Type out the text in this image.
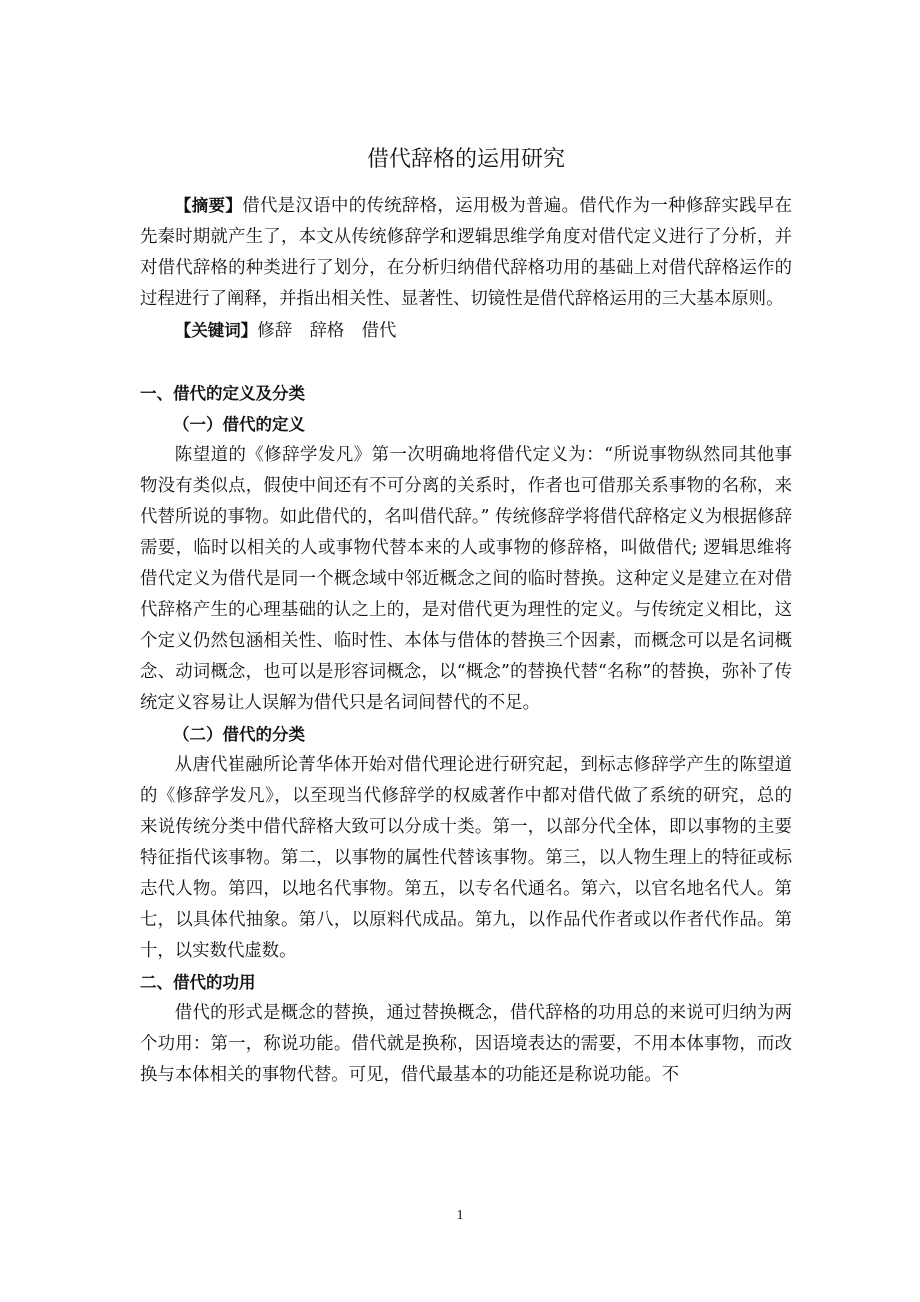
借代辞格的运用研究

【摘要】借代是汉语中的传统辞格，运用极为普遍。借代作为一种修辞实践早在先秦时期就产生了，本文从传统修辞学和逻辑思维学角度对借代定义进行了分析，并对借代辞格的种类进行了划分，在分析归纳借代辞格功用的基础上对借代辞格运作的过程进行了阐释，并指出相关性、显著性、切镜性是借代辞格运用的三大基本原则。

【关键词】修辞　辞格　借代

一、借代的定义及分类

（一）借代的定义

陈望道的《修辞学发凡》第一次明确地将借代定义为：“所说事物纵然同其他事物没有类似点，假使中间还有不可分离的关系时，作者也可借那关系事物的名称，来代替所说的事物。如此借代的，名叫借代辞。” 传统修辞学将借代辞格定义为根据修辞需要，临时以相关的人或事物代替本来的人或事物的修辞格，叫做借代; 逻辑思维将借代定义为借代是同一个概念域中邻近概念之间的临时替换。这种定义是建立在对借代辞格产生的心理基础的认之上的，是对借代更为理性的定义。与传统定义相比，这个定义仍然包涵相关性、临时性、本体与借体的替换三个因素，而概念可以是名词概念、动词概念，也可以是形容词概念，以“概念”的替换代替“名称”的替换，弥补了传统定义容易让人误解为借代只是名词间替代的不足。

（二）借代的分类

从唐代崔融所论菁华体开始对借代理论进行研究起，到标志修辞学产生的陈望道的《修辞学发凡》，以至现当代修辞学的权威著作中都对借代做了系统的研究，总的来说传统分类中借代辞格大致可以分成十类。第一，以部分代全体，即以事物的主要特征指代该事物。第二，以事物的属性代替该事物。第三，以人物生理上的特征或标志代人物。第四，以地名代事物。第五，以专名代通名。第六，以官名地名代人。第七，以具体代抽象。第八，以原料代成品。第九，以作品代作者或以作者代作品。第十，以实数代虚数。

二、借代的功用

借代的形式是概念的替换，通过替换概念，借代辞格的功用总的来说可归纳为两个功用：第一，称说功能。借代就是换称，因语境表达的需要，不用本体事物，而改换与本体相关的事物代替。可见，借代最基本的功能还是称说功能。不

1
